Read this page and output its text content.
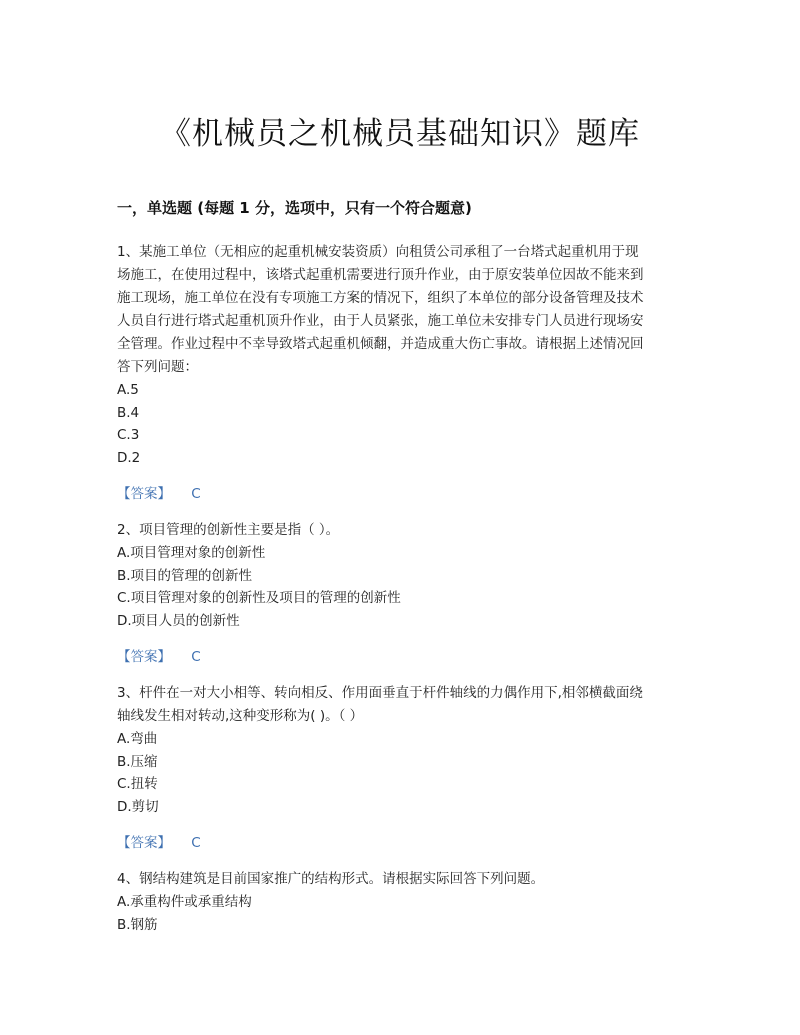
《机械员之机械员基础知识》题库
一，单选题 (每题 1 分，选项中，只有一个符合题意)

1、某施工单位（无相应的起重机械安装资质）向租赁公司承租了一台塔式起重机用于现
场施工，在使用过程中，该塔式起重机需要进行顶升作业，由于原安装单位因故不能来到
施工现场，施工单位在没有专项施工方案的情况下，组织了本单位的部分设备管理及技术
人员自行进行塔式起重机顶升作业，由于人员紧张，施工单位未安排专门人员进行现场安
全管理。作业过程中不幸导致塔式起重机倾翻，并造成重大伤亡事故。请根据上述情况回
答下列问题：

A.5

B.4

C.3

D.2

【答案】 C

2、项目管理的创新性主要是指（ ）。

A.项目管理对象的创新性

B.项目的管理的创新性

C.项目管理对象的创新性及项目的管理的创新性

D.项目人员的创新性

【答案】 C

3、杆件在一对大小相等、转向相反、作用面垂直于杆件轴线的力偶作用下,相邻横截面绕
轴线发生相对转动,这种变形称为( )。（ ）

A.弯曲

B.压缩

C.扭转

D.剪切

【答案】 C

4、钢结构建筑是目前国家推广的结构形式。请根据实际回答下列问题。

A.承重构件或承重结构

B.钢筋
